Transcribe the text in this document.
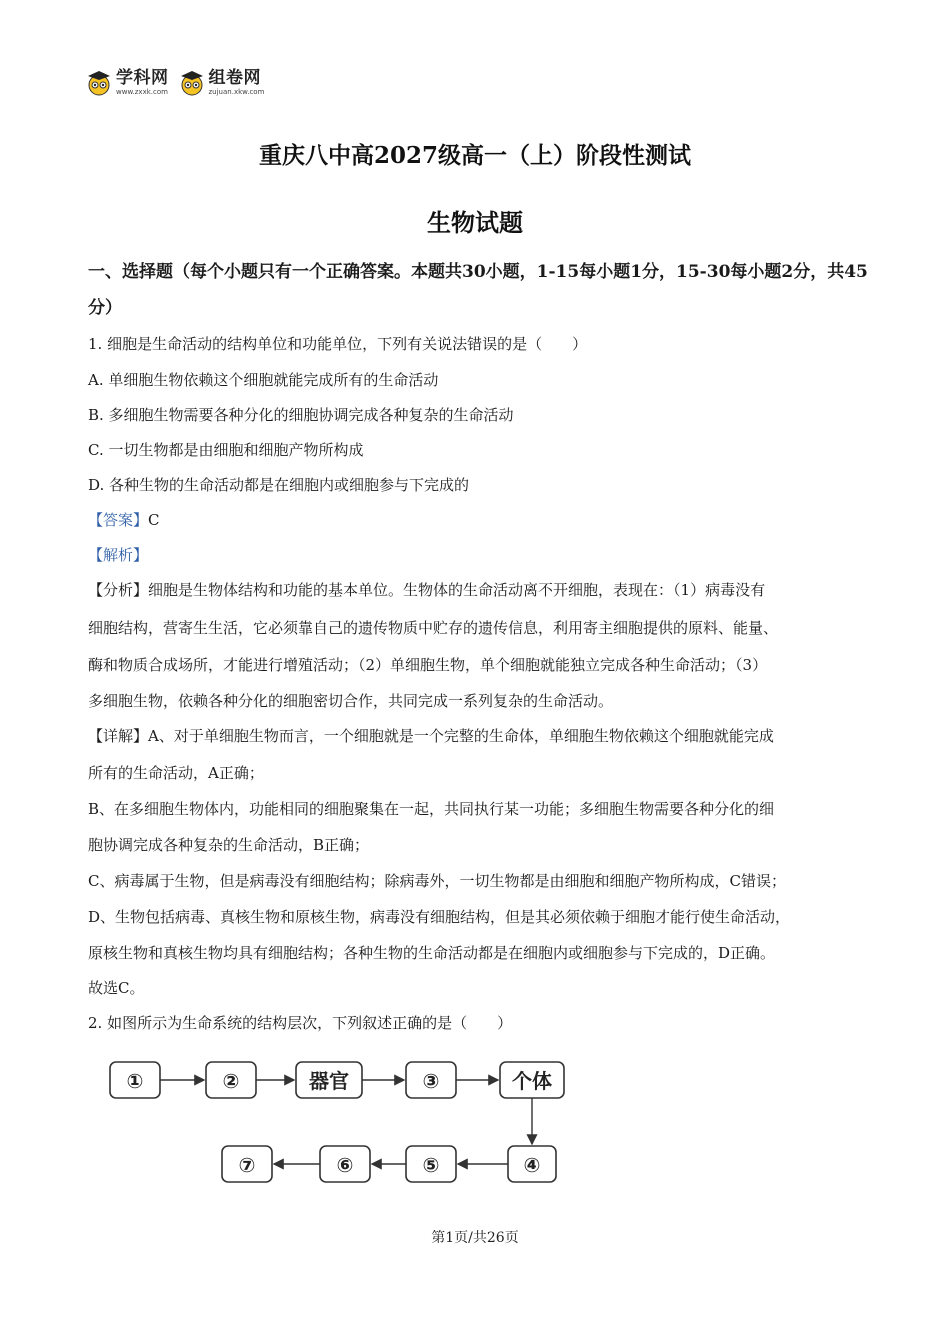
学科网
www.zxxk.com
组卷网
zujuan.xkw.com
重庆八中高2027级高一（上）阶段性测试
生物试题
一、选择题（每个小题只有一个正确答案。本题共30小题，1-15每小题1分，15-30每小题2分，共45分）
1. 细胞是生命活动的结构单位和功能单位，下列有关说法错误的是（　　）
A. 单细胞生物依赖这个细胞就能完成所有的生命活动
B. 多细胞生物需要各种分化的细胞协调完成各种复杂的生命活动
C. 一切生物都是由细胞和细胞产物所构成
D. 各种生物的生命活动都是在细胞内或细胞参与下完成的
【答案】C
【解析】
【分析】细胞是生物体结构和功能的基本单位。生物体的生命活动离不开细胞，表现在：（1）病毒没有
细胞结构，营寄生生活，它必须靠自己的遗传物质中贮存的遗传信息，利用寄主细胞提供的原料、能量、
酶和物质合成场所，才能进行增殖活动；（2）单细胞生物，单个细胞就能独立完成各种生命活动；（3）
多细胞生物，依赖各种分化的细胞密切合作，共同完成一系列复杂的生命活动。
【详解】A、对于单细胞生物而言，一个细胞就是一个完整的生命体，单细胞生物依赖这个细胞就能完成
所有的生命活动，A正确；
B、在多细胞生物体内，功能相同的细胞聚集在一起，共同执行某一功能；多细胞生物需要各种分化的细
胞协调完成各种复杂的生命活动，B正确；
C、病毒属于生物，但是病毒没有细胞结构；除病毒外，一切生物都是由细胞和细胞产物所构成，C错误；
D、生物包括病毒、真核生物和原核生物，病毒没有细胞结构，但是其必须依赖于细胞才能行使生命活动，
原核生物和真核生物均具有细胞结构；各种生物的生命活动都是在细胞内或细胞参与下完成的，D正确。
故选C。
2. 如图所示为生命系统的结构层次，下列叙述正确的是（　　）
①	②	器官	③	个体
④
⑤
⑥
⑦
第1页/共26页
